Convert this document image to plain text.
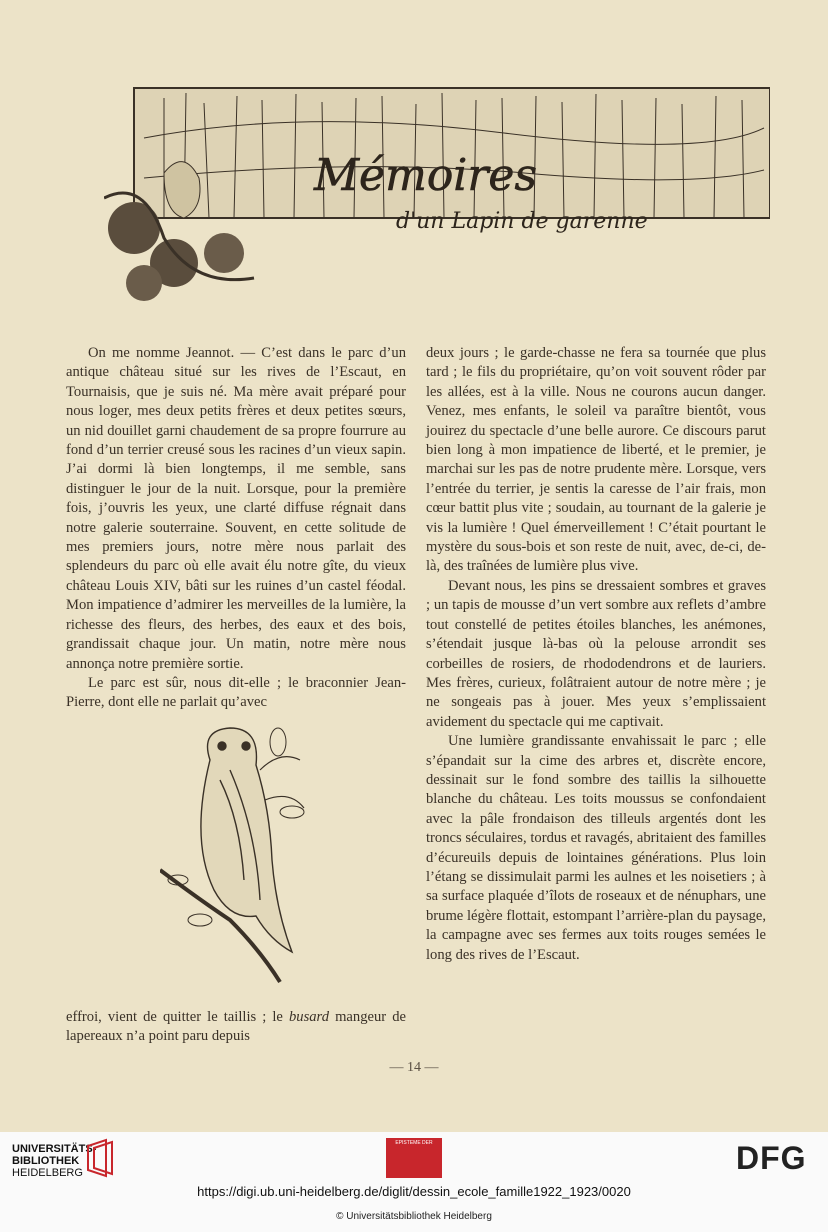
Mémoires
d'un Lapin de garenne

On me nomme Jeannot. — C’est dans le parc d’un antique château situé sur les rives de l’Escaut, en Tournaisis, que je suis né. Ma mère avait préparé pour nous loger, mes deux petits frères et deux petites sœurs, un nid douillet garni chaudement de sa propre fourrure au fond d’un terrier creusé sous les racines d’un vieux sapin. J’ai dormi là bien longtemps, il me semble, sans distinguer le jour de la nuit. Lorsque, pour la première fois, j’ouvris les yeux, une clarté diffuse régnait dans notre galerie souterraine. Souvent, en cette solitude de mes premiers jours, notre mère nous parlait des splendeurs du parc où elle avait élu notre gîte, du vieux château Louis XIV, bâti sur les ruines d’un castel féodal. Mon impatience d’admirer les merveilles de la lumière, la richesse des fleurs, des herbes, des eaux et des bois, grandissait chaque jour. Un matin, notre mère nous annonça notre première sortie.

Le parc est sûr, nous dit-elle ; le braconnier Jean-Pierre, dont elle ne parlait qu’avec

effroi, vient de quitter le taillis ; le busard mangeur de lapereaux n’a point paru depuis

deux jours ; le garde-chasse ne fera sa tournée que plus tard ; le fils du propriétaire, qu’on voit souvent rôder par les allées, est à la ville. Nous ne courons aucun danger. Venez, mes enfants, le soleil va paraître bientôt, vous jouirez du spectacle d’une belle aurore. Ce discours parut bien long à mon impatience de liberté, et le premier, je marchai sur les pas de notre prudente mère. Lorsque, vers l’entrée du terrier, je sentis la caresse de l’air frais, mon cœur battit plus vite ; soudain, au tournant de la galerie je vis la lumière ! Quel émerveillement ! C’était pourtant le mystère du sous-bois et son reste de nuit, avec, de-ci, de-là, des traînées de lumière plus vive.

Devant nous, les pins se dressaient sombres et graves ; un tapis de mousse d’un vert sombre aux reflets d’ambre tout constellé de petites étoiles blanches, les anémones, s’étendait jusque là-bas où la pelouse arrondit ses corbeilles de rosiers, de rhododendrons et de lauriers. Mes frères, curieux, folâtraient autour de notre mère ; je ne songeais pas à jouer. Mes yeux s’emplissaient avidement du spectacle qui me captivait.

Une lumière grandissante envahissait le parc ; elle s’épandait sur la cime des arbres et, discrète encore, dessinait sur le fond sombre des taillis la silhouette blanche du château. Les toits moussus se confondaient avec la pâle frondaison des tilleuls argentés dont les troncs séculaires, tordus et ravagés, abritaient des familles d’écureuils depuis de lointaines générations. Plus loin l’étang se dissimulait parmi les aulnes et les noisetiers ; à sa surface plaquée d’îlots de roseaux et de nénuphars, une brume légère flottait, estompant l’arrière-plan du paysage, la campagne avec ses fermes aux toits rouges semées le long des rives de l’Escaut.

— 14 —
UNIVERSITÄTS-
BIBLIOTHEK
HEIDELBERG
EPISTEME DER	DFG
https://digi.ub.uni-heidelberg.de/diglit/dessin_ecole_famille1922_1923/0020
© Universitätsbibliothek Heidelberg
